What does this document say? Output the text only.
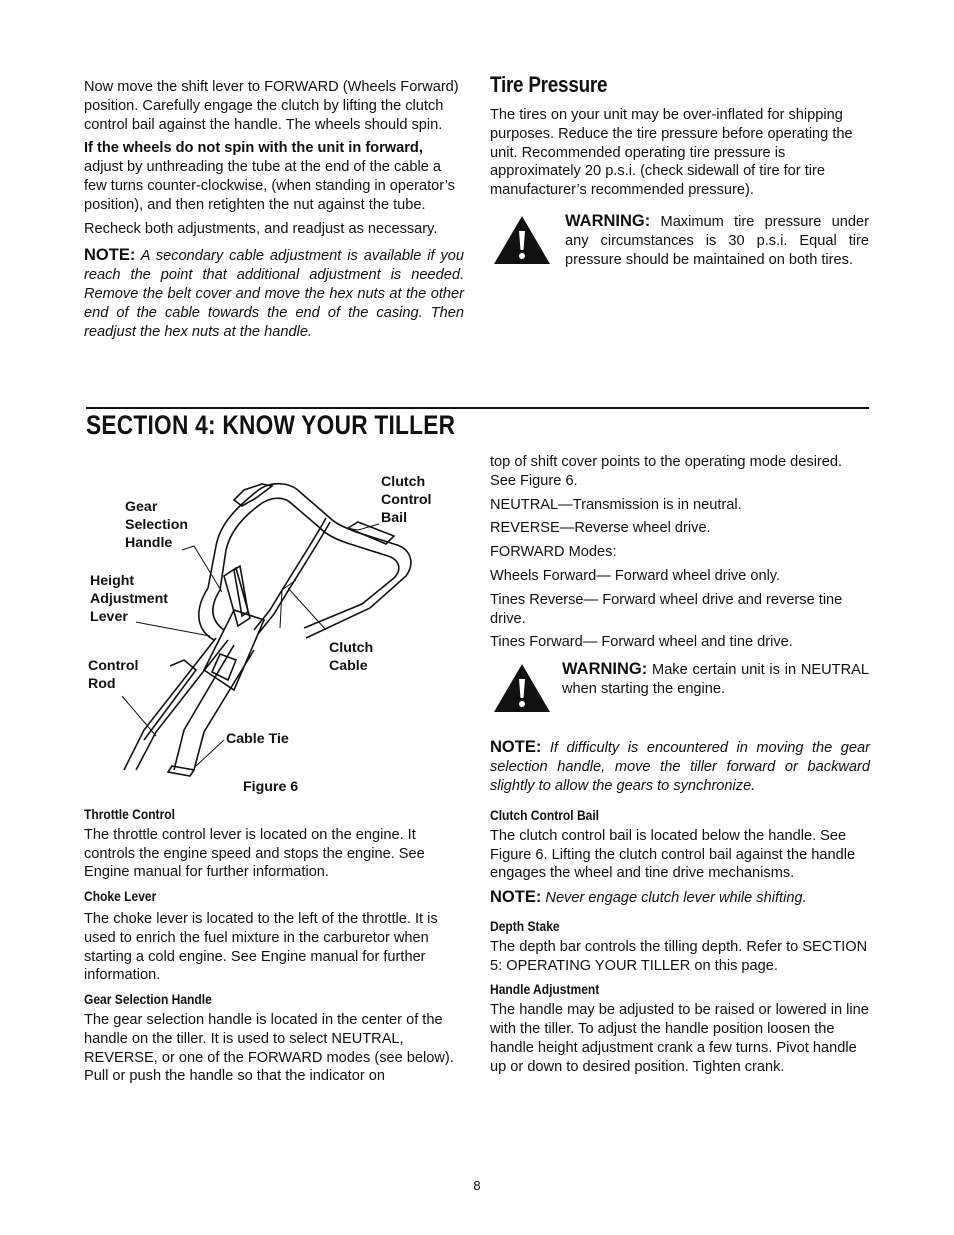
Now move the shift lever to FORWARD (Wheels Forward) position. Carefully engage the clutch by lifting the clutch control bail against the handle. The wheels should spin.

If the wheels do not spin with the unit in forward, adjust by unthreading the tube at the end of the cable a few turns counter-clockwise, (when standing in operator’s position), and then retighten the nut against the tube.

Recheck both adjustments, and readjust as necessary.

NOTE: A secondary cable adjustment is available if you reach the point that additional adjustment is needed. Remove the belt cover and move the hex nuts at the other end of the cable towards the end of the casing. Then readjust the hex nuts at the handle.

Tire Pressure

The tires on your unit may be over-inflated for shipping purposes. Reduce the tire pressure before operating the unit. Recommended operating tire pressure is approximately 20 p.s.i. (check sidewall of tire for tire manufacturer’s recommended pressure).

WARNING: Maximum tire pressure under any circumstances is 30 p.s.i. Equal tire pressure should be maintained on both tires.
SECTION 4: KNOW YOUR TILLER
Gear
Selection
Handle
Height
Adjustment
Lever
Control
Rod
Clutch
Control
Bail
Clutch
Cable
Cable Tie
Figure 6
Throttle Control

The throttle control lever is located on the engine. It controls the engine speed and stops the engine. See Engine manual for further information.

Choke Lever

The choke lever is located to the left of the throttle. It is used to enrich the fuel mixture in the carburetor when starting a cold engine. See Engine manual for further information.

Gear Selection Handle

The gear selection handle is located in the center of the handle on the tiller. It is used to select NEUTRAL, REVERSE, or one of the FORWARD modes (see below). Pull or push the handle so that the indicator on

top of shift cover points to the operating mode desired. See Figure 6.

NEUTRAL—Transmission is in neutral.

REVERSE—Reverse wheel drive.

FORWARD Modes:

Wheels Forward— Forward wheel drive only.

Tines Reverse— Forward wheel drive and reverse tine drive.

Tines Forward— Forward wheel and tine drive.

WARNING: Make certain unit is in NEUTRAL when starting the engine.
NOTE: If difficulty is encountered in moving the gear selection handle, move the tiller forward or backward slightly to allow the gears to synchronize.
Clutch Control Bail

The clutch control bail is located below the handle. See Figure 6. Lifting the clutch control bail against the handle engages the wheel and tine drive mechanisms.

NOTE: Never engage clutch lever while shifting.

Depth Stake

The depth bar controls the tilling depth. Refer to SECTION 5: OPERATING YOUR TILLER on this page.

Handle Adjustment

The handle may be adjusted to be raised or lowered in line with the tiller. To adjust the handle position loosen the handle height adjustment crank a few turns. Pivot handle up or down to desired position. Tighten crank.

8
